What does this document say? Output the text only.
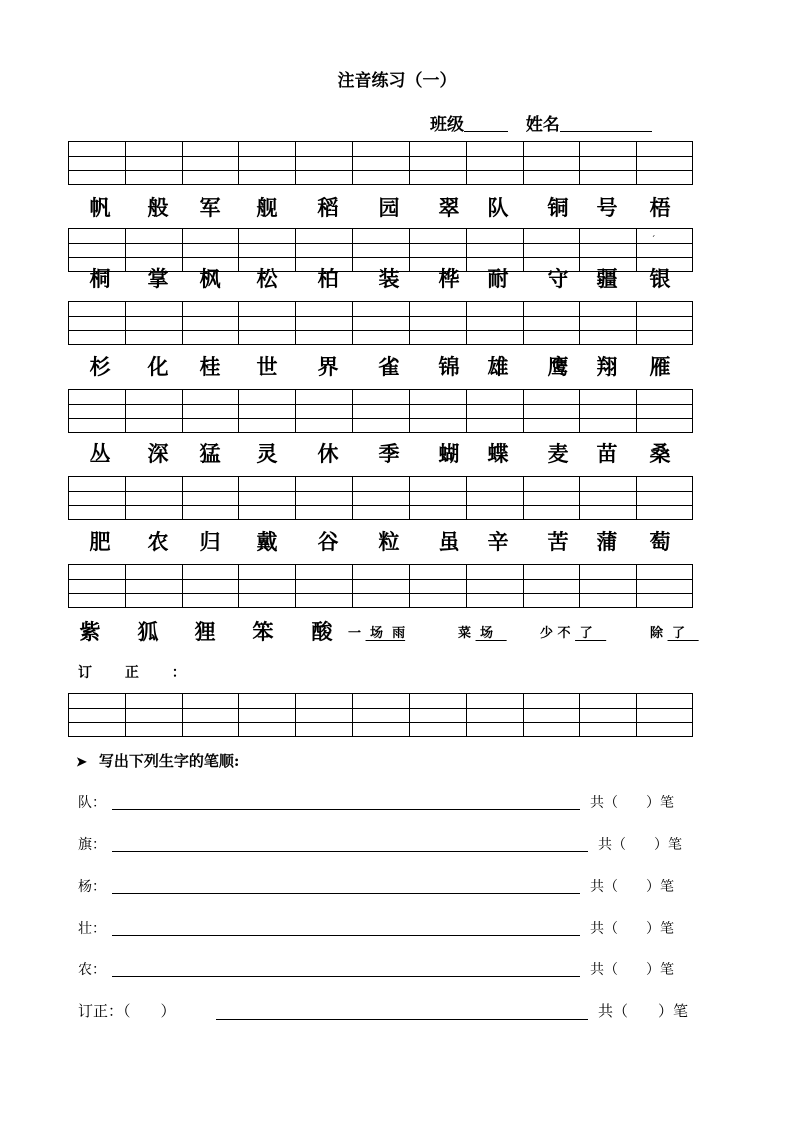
注音练习（一）
班级	姓名
ˊ
帆 般 军 舰 稻 园 翠 队 铜 号 梧
桐 掌 枫 松 柏 装 桦 耐 守 疆 银
杉 化 桂 世 界 雀 锦 雄 鹰 翔 雁
丛 深 猛 灵 休 季 蝴 蝶 麦 苗 桑
肥 农 归 戴 谷 粒 虽 辛 苦 蒲 萄
紫 狐 狸 笨 酸	一  场  雨	菜  场	少 不  了	除  了
订 正 ：
➤ 写出下列生字的笔顺:
队：	共（　　）笔
旗：	共（　　）笔
杨：	共（　　）笔
壮：	共（　　）笔
农：	共（　　）笔
订正：（　　）	共（　　）笔
